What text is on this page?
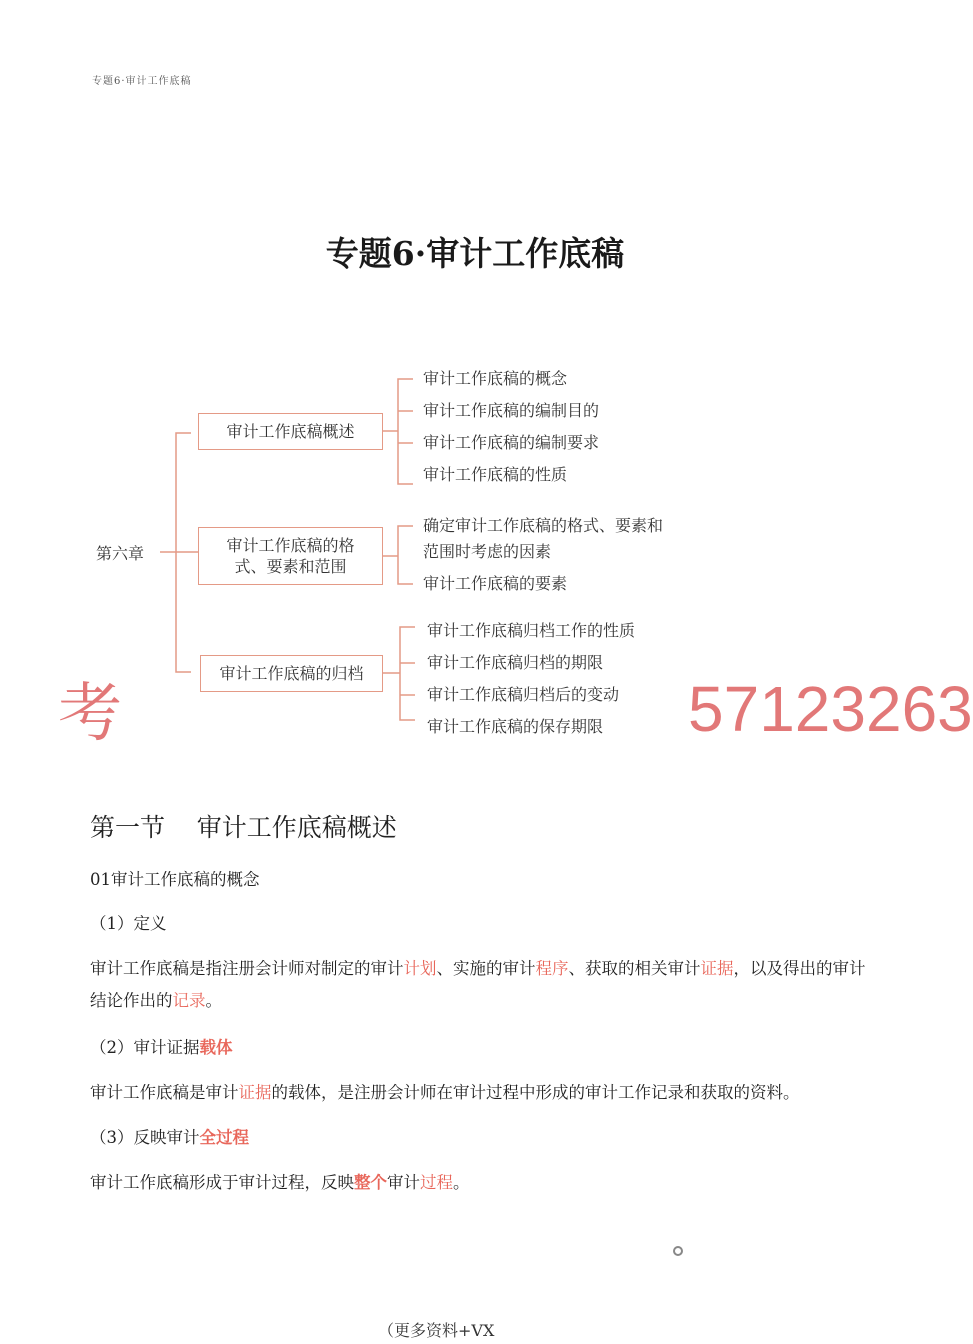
专题6·审计工作底稿
专题6·审计工作底稿
第六章
审计工作底稿概述
审计工作底稿的格
式、要素和范围
审计工作底稿的归档
审计工作底稿的概念
审计工作底稿的编制目的
审计工作底稿的编制要求
审计工作底稿的性质
确定审计工作底稿的格式、要素和
范围时考虑的因素
审计工作底稿的要素
审计工作底稿归档工作的性质
审计工作底稿归档的期限
审计工作底稿归档后的变动
审计工作底稿的保存期限
考	57123263
第一节    审计工作底稿概述
01审计工作底稿的概念
（1）定义
审计工作底稿是指注册会计师对制定的审计计划、实施的审计程序、获取的相关审计证据，以及得出的审计结论作出的记录。
（2）审计证据载体
审计工作底稿是审计证据的载体，是注册会计师在审计过程中形成的审计工作记录和获取的资料。
（3）反映审计全过程
审计工作底稿形成于审计过程，反映整个审计过程。
（更多资料+VX
